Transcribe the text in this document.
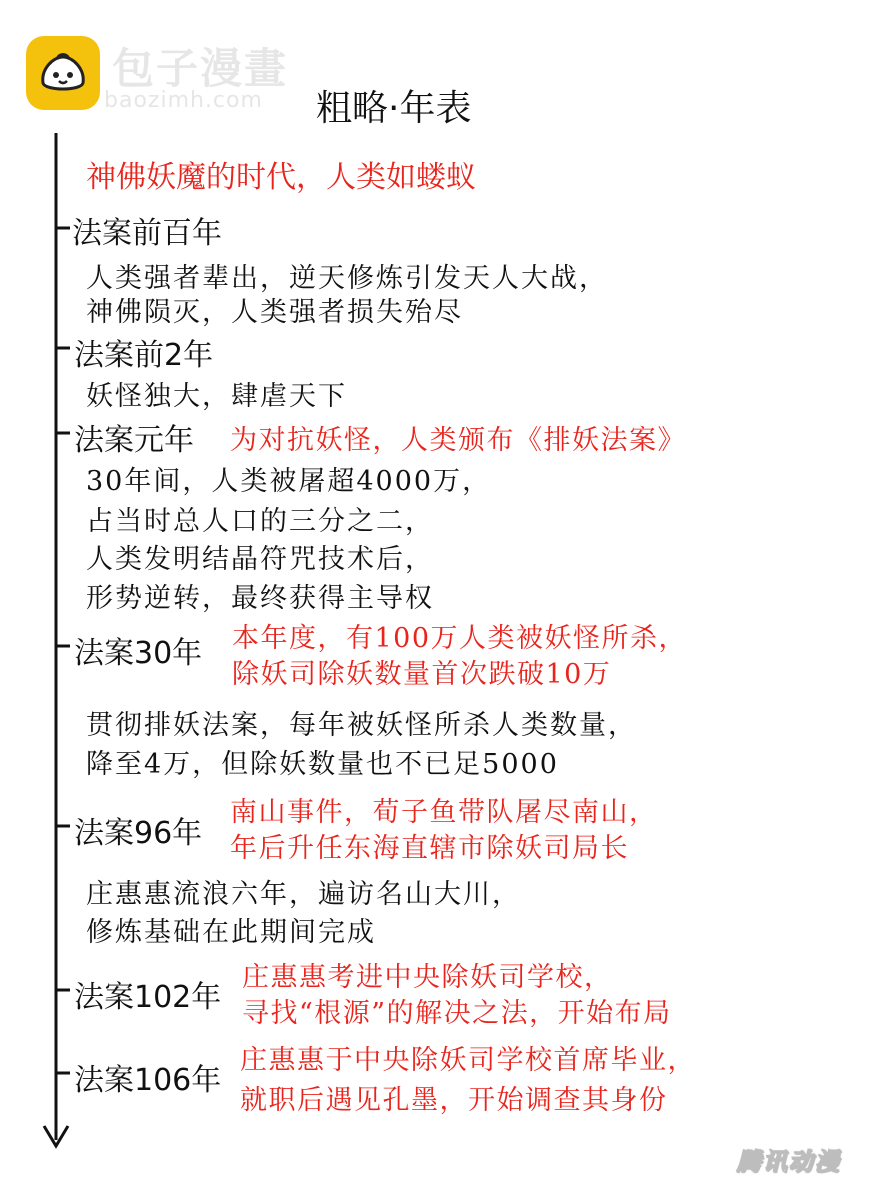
包子漫畫
baozimh.com 粗略·年表
神佛妖魔的时代，人类如蝼蚁
法案前百年
人类强者辈出，逆天修炼引发天人大战，
神佛陨灭，人类强者损失殆尽
法案前2年
妖怪独大，肆虐天下
法案元年 为对抗妖怪，人类颁布《排妖法案》
30年间，人类被屠超4000万，
占当时总人口的三分之二，
人类发明结晶符咒技术后，
形势逆转，最终获得主导权
法案30年 本年度，有100万人类被妖怪所杀，
除妖司除妖数量首次跌破10万
贯彻排妖法案，每年被妖怪所杀人类数量，
降至4万，但除妖数量也不已足5000
法案96年
南山事件，荀子鱼带队屠尽南山，
年后升任东海直辖市除妖司局长
庄惠惠流浪六年，遍访名山大川，
修炼基础在此期间完成
法案102年
庄惠惠考进中央除妖司学校，
寻找“根源”的解决之法，开始布局
法案106年
庄惠惠于中央除妖司学校首席毕业，
就职后遇见孔墨，开始调查其身份
腾讯动漫
